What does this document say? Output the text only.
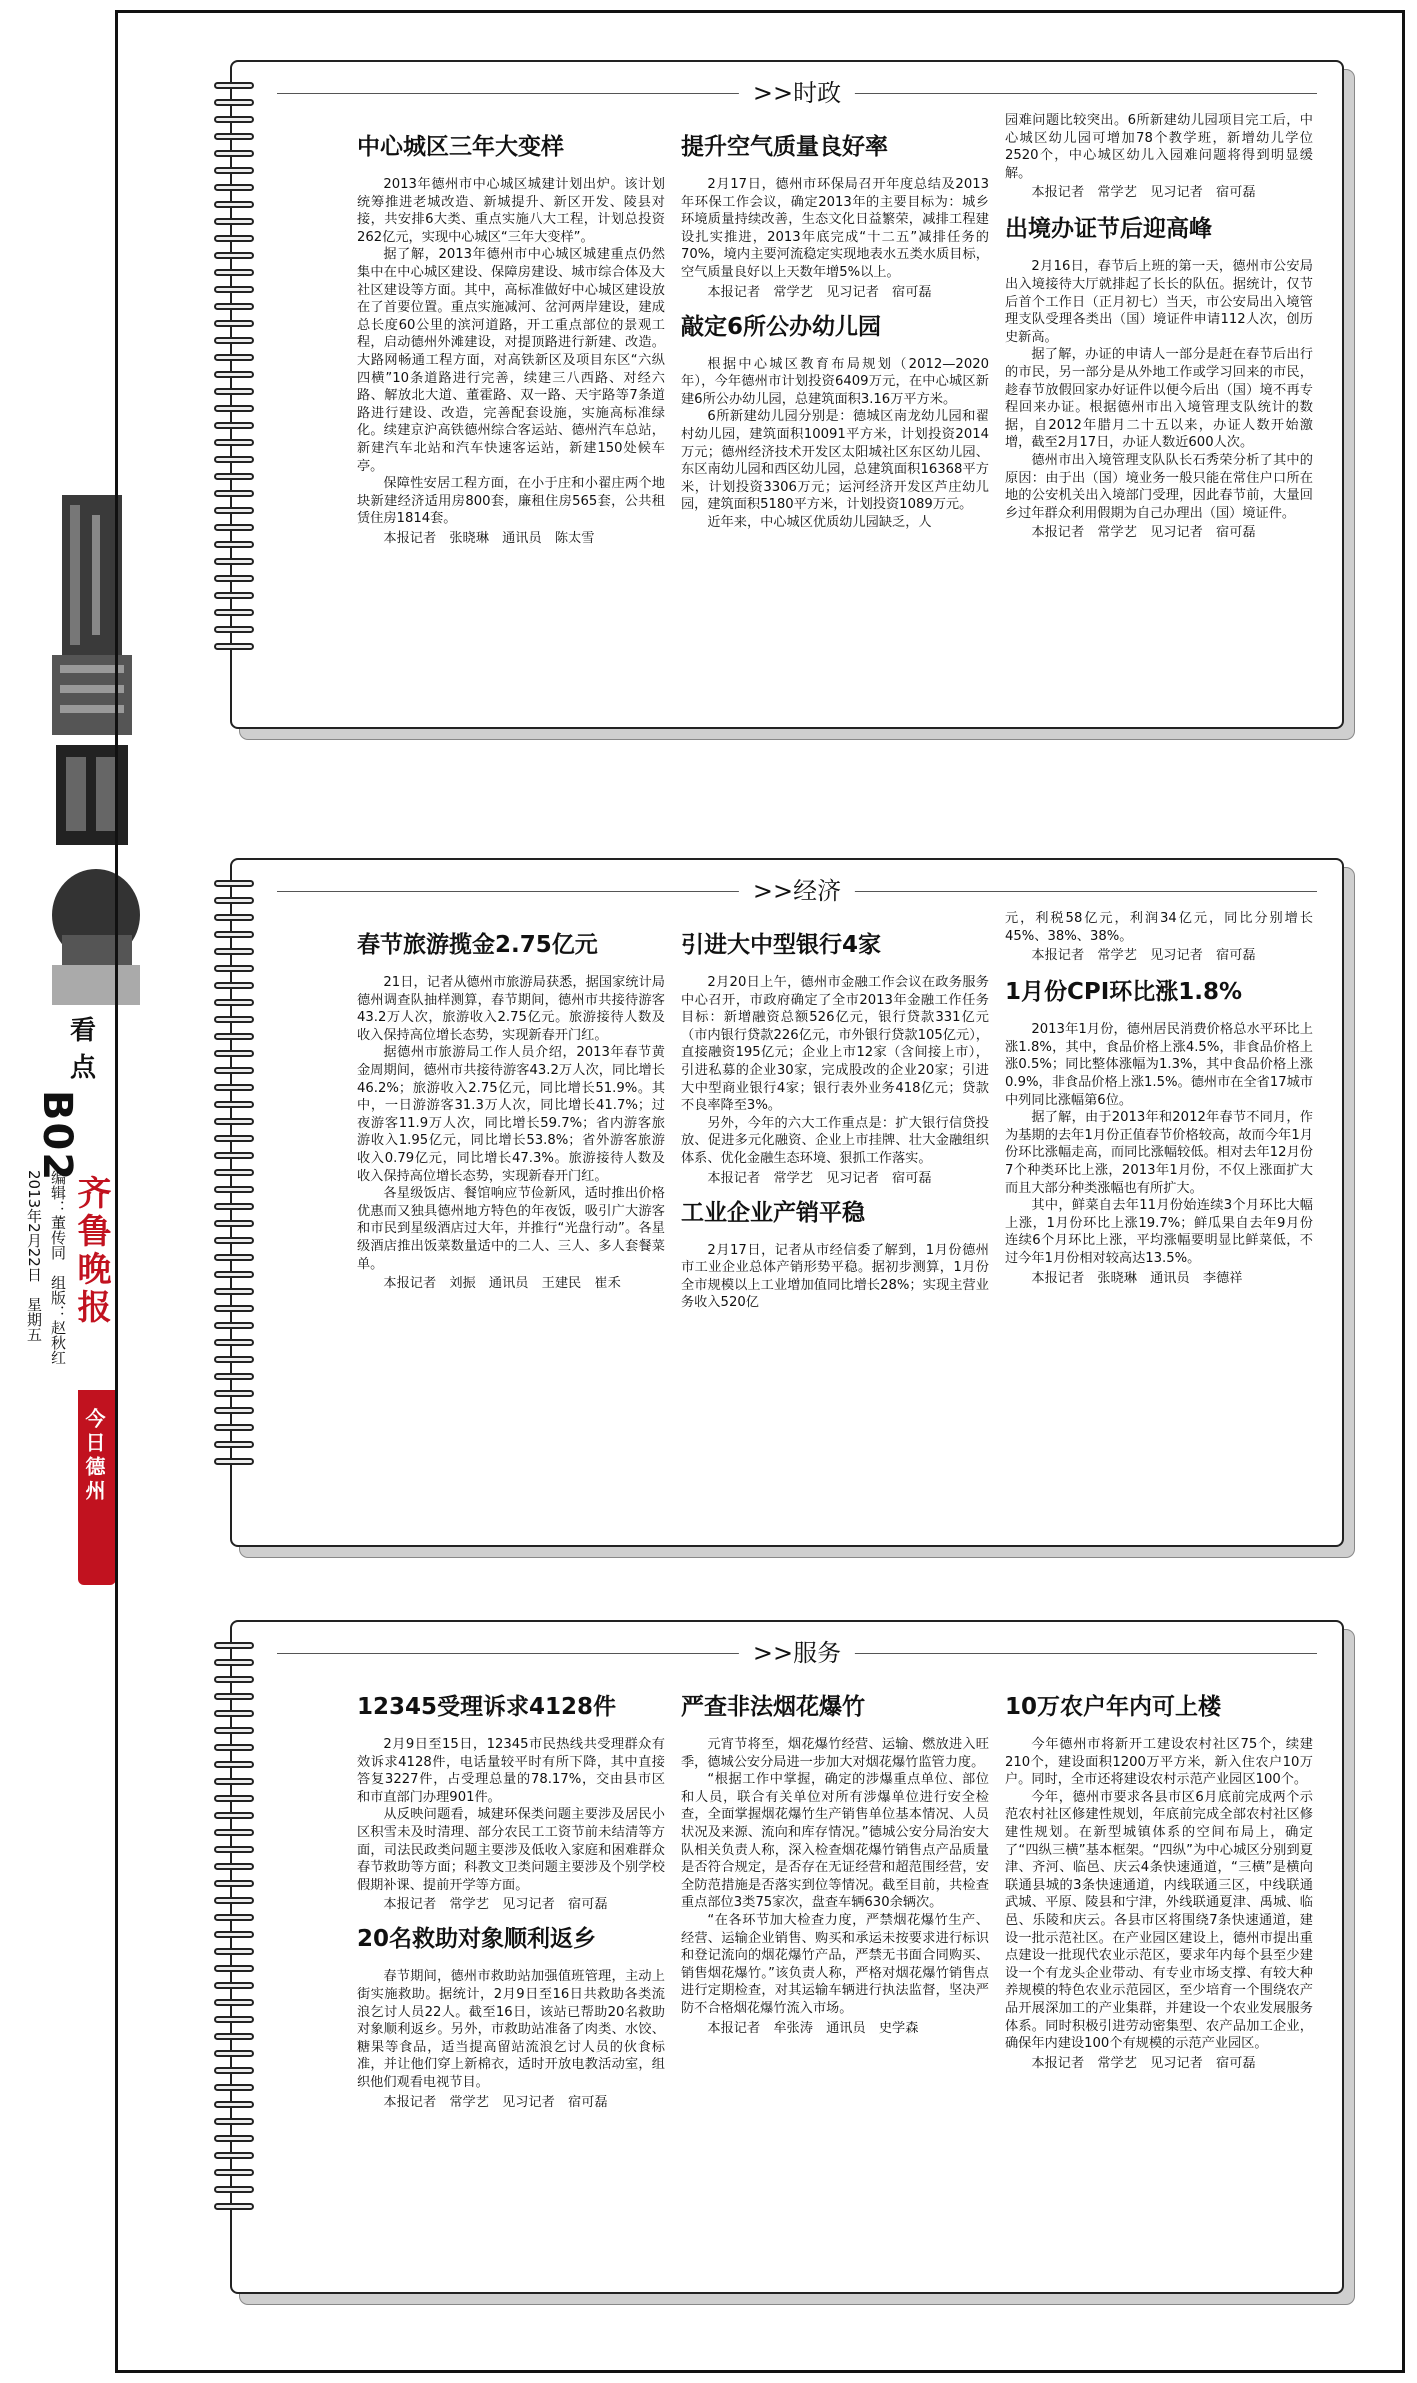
看点
B02
编辑：董传同　组版：赵秋红
2013年2月22日　星期五 齐鲁晚报
今日德州
>>时政
中心城区三年大变样

2013年德州市中心城区城建计划出炉。该计划统筹推进老城改造、新城提升、新区开发、陵县对接，共安排6大类、重点实施八大工程，计划总投资262亿元，实现中心城区“三年大变样”。

据了解，2013年德州市中心城区城建重点仍然集中在中心城区建设、保障房建设、城市综合体及大社区建设等方面。其中，高标准做好中心城区建设放在了首要位置。重点实施减河、岔河两岸建设，建成总长度60公里的滨河道路，开工重点部位的景观工程，启动德州外滩建设，对提顶路进行新建、改造。大路网畅通工程方面，对高铁新区及项目东区“六纵四横”10条道路进行完善，续建三八西路、对经六路、解放北大道、董霍路、双一路、天宇路等7条道路进行建设、改造，完善配套设施，实施高标准绿化。续建京沪高铁德州综合客运站、德州汽车总站，新建汽车北站和汽车快速客运站，新建150处候车亭。

保障性安居工程方面，在小于庄和小翟庄两个地块新建经济适用房800套，廉租住房565套，公共租赁住房1814套。

本报记者　张晓琳　通讯员　陈太雪
提升空气质量良好率

2月17日，德州市环保局召开年度总结及2013年环保工作会议，确定2013年的主要目标为：城乡环境质量持续改善，生态文化日益繁荣，减排工程建设扎实推进，2013年底完成“十二五”减排任务的70%，境内主要河流稳定实现地表水五类水质目标，空气质量良好以上天数年增5%以上。

本报记者　常学艺　见习记者　宿可磊
敲定6所公办幼儿园

根据中心城区教育布局规划（2012—2020年），今年德州市计划投资6409万元，在中心城区新建6所公办幼儿园，总建筑面积3.16万平方米。

6所新建幼儿园分别是：德城区南龙幼儿园和翟村幼儿园，建筑面积10091平方米，计划投资2014万元；德州经济技术开发区太阳城社区东区幼儿园、东区南幼儿园和西区幼儿园，总建筑面积16368平方米，计划投资3306万元；运河经济开发区芦庄幼儿园，建筑面积5180平方米，计划投资1089万元。

近年来，中心城区优质幼儿园缺乏，人

园难问题比较突出。6所新建幼儿园项目完工后，中心城区幼儿园可增加78个教学班，新增幼儿学位2520个，中心城区幼儿入园难问题将得到明显缓解。

本报记者　常学艺　见习记者　宿可磊
出境办证节后迎高峰

2月16日，春节后上班的第一天，德州市公安局出入境接待大厅就排起了长长的队伍。据统计，仅节后首个工作日（正月初七）当天，市公安局出入境管理支队受理各类出（国）境证件申请112人次，创历史新高。

据了解，办证的申请人一部分是赶在春节后出行的市民，另一部分是从外地工作或学习回来的市民，趁春节放假回家办好证件以便今后出（国）境不再专程回来办证。根据德州市出入境管理支队统计的数据，自2012年腊月二十五以来，办证人数开始激增，截至2月17日，办证人数近600人次。

德州市出入境管理支队队长石秀荣分析了其中的原因：由于出（国）境业务一般只能在常住户口所在地的公安机关出入境部门受理，因此春节前，大量回乡过年群众利用假期为自己办理出（国）境证件。

本报记者　常学艺　见习记者　宿可磊
>>经济
春节旅游揽金2.75亿元

21日，记者从德州市旅游局获悉，据国家统计局德州调查队抽样测算，春节期间，德州市共接待游客43.2万人次，旅游收入2.75亿元。旅游接待人数及收入保持高位增长态势，实现新春开门红。

据德州市旅游局工作人员介绍，2013年春节黄金周期间，德州市共接待游客43.2万人次，同比增长46.2%；旅游收入2.75亿元，同比增长51.9%。其中，一日游游客31.3万人次，同比增长41.7%；过夜游客11.9万人次，同比增长59.7%；省内游客旅游收入1.95亿元，同比增长53.8%；省外游客旅游收入0.79亿元，同比增长47.3%。旅游接待人数及收入保持高位增长态势，实现新春开门红。

各星级饭店、餐馆响应节俭新风，适时推出价格优惠而又独具德州地方特色的年夜饭，吸引广大游客和市民到星级酒店过大年，并推行“光盘行动”。各星级酒店推出饭菜数量适中的二人、三人、多人套餐菜单。

本报记者　刘振　通讯员　王建民　崔禾
引进大中型银行4家

2月20日上午，德州市金融工作会议在政务服务中心召开，市政府确定了全市2013年金融工作任务目标：新增融资总额526亿元，银行贷款331亿元（市内银行贷款226亿元，市外银行贷款105亿元），直接融资195亿元；企业上市12家（含间接上市），引进私募的企业30家，完成股改的企业20家；引进大中型商业银行4家；银行表外业务418亿元；贷款不良率降至3%。

另外，今年的六大工作重点是：扩大银行信贷投放、促进多元化融资、企业上市挂牌、壮大金融组织体系、优化金融生态环境、狠抓工作落实。

本报记者　常学艺　见习记者　宿可磊
工业企业产销平稳

2月17日，记者从市经信委了解到，1月份德州市工业企业总体产销形势平稳。据初步测算，1月份全市规模以上工业增加值同比增长28%；实现主营业务收入520亿

元，利税58亿元，利润34亿元，同比分别增长45%、38%、38%。

本报记者　常学艺　见习记者　宿可磊
1月份CPI环比涨1.8%

2013年1月份，德州居民消费价格总水平环比上涨1.8%，其中，食品价格上涨4.5%，非食品价格上涨0.5%；同比整体涨幅为1.3%，其中食品价格上涨0.9%，非食品价格上涨1.5%。德州市在全省17城市中列同比涨幅第6位。

据了解，由于2013年和2012年春节不同月，作为基期的去年1月份正值春节价格较高，故而今年1月份环比涨幅走高，而同比涨幅较低。相对去年12月份7个种类环比上涨，2013年1月份，不仅上涨面扩大而且大部分种类涨幅也有所扩大。

其中，鲜菜自去年11月份始连续3个月环比大幅上涨，1月份环比上涨19.7%；鲜瓜果自去年9月份连续6个月环比上涨，平均涨幅要明显比鲜菜低，不过今年1月份相对较高达13.5%。

本报记者　张晓琳　通讯员　李德祥
>>服务
12345受理诉求4128件

2月9日至15日，12345市民热线共受理群众有效诉求4128件，电话量较平时有所下降，其中直接答复3227件，占受理总量的78.17%，交由县市区和市直部门办理901件。

从反映问题看，城建环保类问题主要涉及居民小区积雪未及时清理、部分农民工工资节前未结清等方面，司法民政类问题主要涉及低收入家庭和困难群众春节救助等方面；科教文卫类问题主要涉及个别学校假期补课、提前开学等方面。

本报记者　常学艺　见习记者　宿可磊
20名救助对象顺利返乡

春节期间，德州市救助站加强值班管理，主动上街实施救助。据统计，2月9日至16日共救助各类流浪乞讨人员22人。截至16日，该站已帮助20名救助对象顺利返乡。另外，市救助站准备了肉类、水饺、糖果等食品，适当提高留站流浪乞讨人员的伙食标准，并让他们穿上新棉衣，适时开放电教活动室，组织他们观看电视节目。

本报记者　常学艺　见习记者　宿可磊
严查非法烟花爆竹

元宵节将至，烟花爆竹经营、运输、燃放进入旺季，德城公安分局进一步加大对烟花爆竹监管力度。

“根据工作中掌握，确定的涉爆重点单位、部位和人员，联合有关单位对所有涉爆单位进行安全检查，全面掌握烟花爆竹生产销售单位基本情况、人员状况及来源、流向和库存情况。”德城公安分局治安大队相关负责人称，深入检查烟花爆竹销售点产品质量是否符合规定，是否存在无证经营和超范围经营，安全防范措施是否落实到位等情况。截至目前，共检查重点部位3类75家次，盘查车辆630余辆次。

“在各环节加大检查力度，严禁烟花爆竹生产、经营、运输企业销售、购买和承运未按要求进行标识和登记流向的烟花爆竹产品，严禁无书面合同购买、销售烟花爆竹。”该负责人称，严格对烟花爆竹销售点进行定期检查，对其运输车辆进行执法监督，坚决严防不合格烟花爆竹流入市场。

本报记者　牟张涛　通讯员　史学森
10万农户年内可上楼

今年德州市将新开工建设农村社区75个，续建210个，建设面积1200万平方米，新入住农户10万户。同时，全市还将建设农村示范产业园区100个。

今年，德州市要求各县市区6月底前完成两个示范农村社区修建性规划，年底前完成全部农村社区修建性规划。在新型城镇体系的空间布局上，确定了“四纵三横”基本框架。“四纵”为中心城区分别到夏津、齐河、临邑、庆云4条快速通道，“三横”是横向联通县城的3条快速通道，内线联通三区，中线联通武城、平原、陵县和宁津，外线联通夏津、禹城、临邑、乐陵和庆云。各县市区将围绕7条快速通道，建设一批示范社区。在产业园区建设上，德州市提出重点建设一批现代农业示范区，要求年内每个县至少建设一个有龙头企业带动、有专业市场支撑、有较大种养规模的特色农业示范园区，至少培育一个围绕农产品开展深加工的产业集群，并建设一个农业发展服务体系。同时积极引进劳动密集型、农产品加工企业，确保年内建设100个有规模的示范产业园区。

本报记者　常学艺　见习记者　宿可磊
